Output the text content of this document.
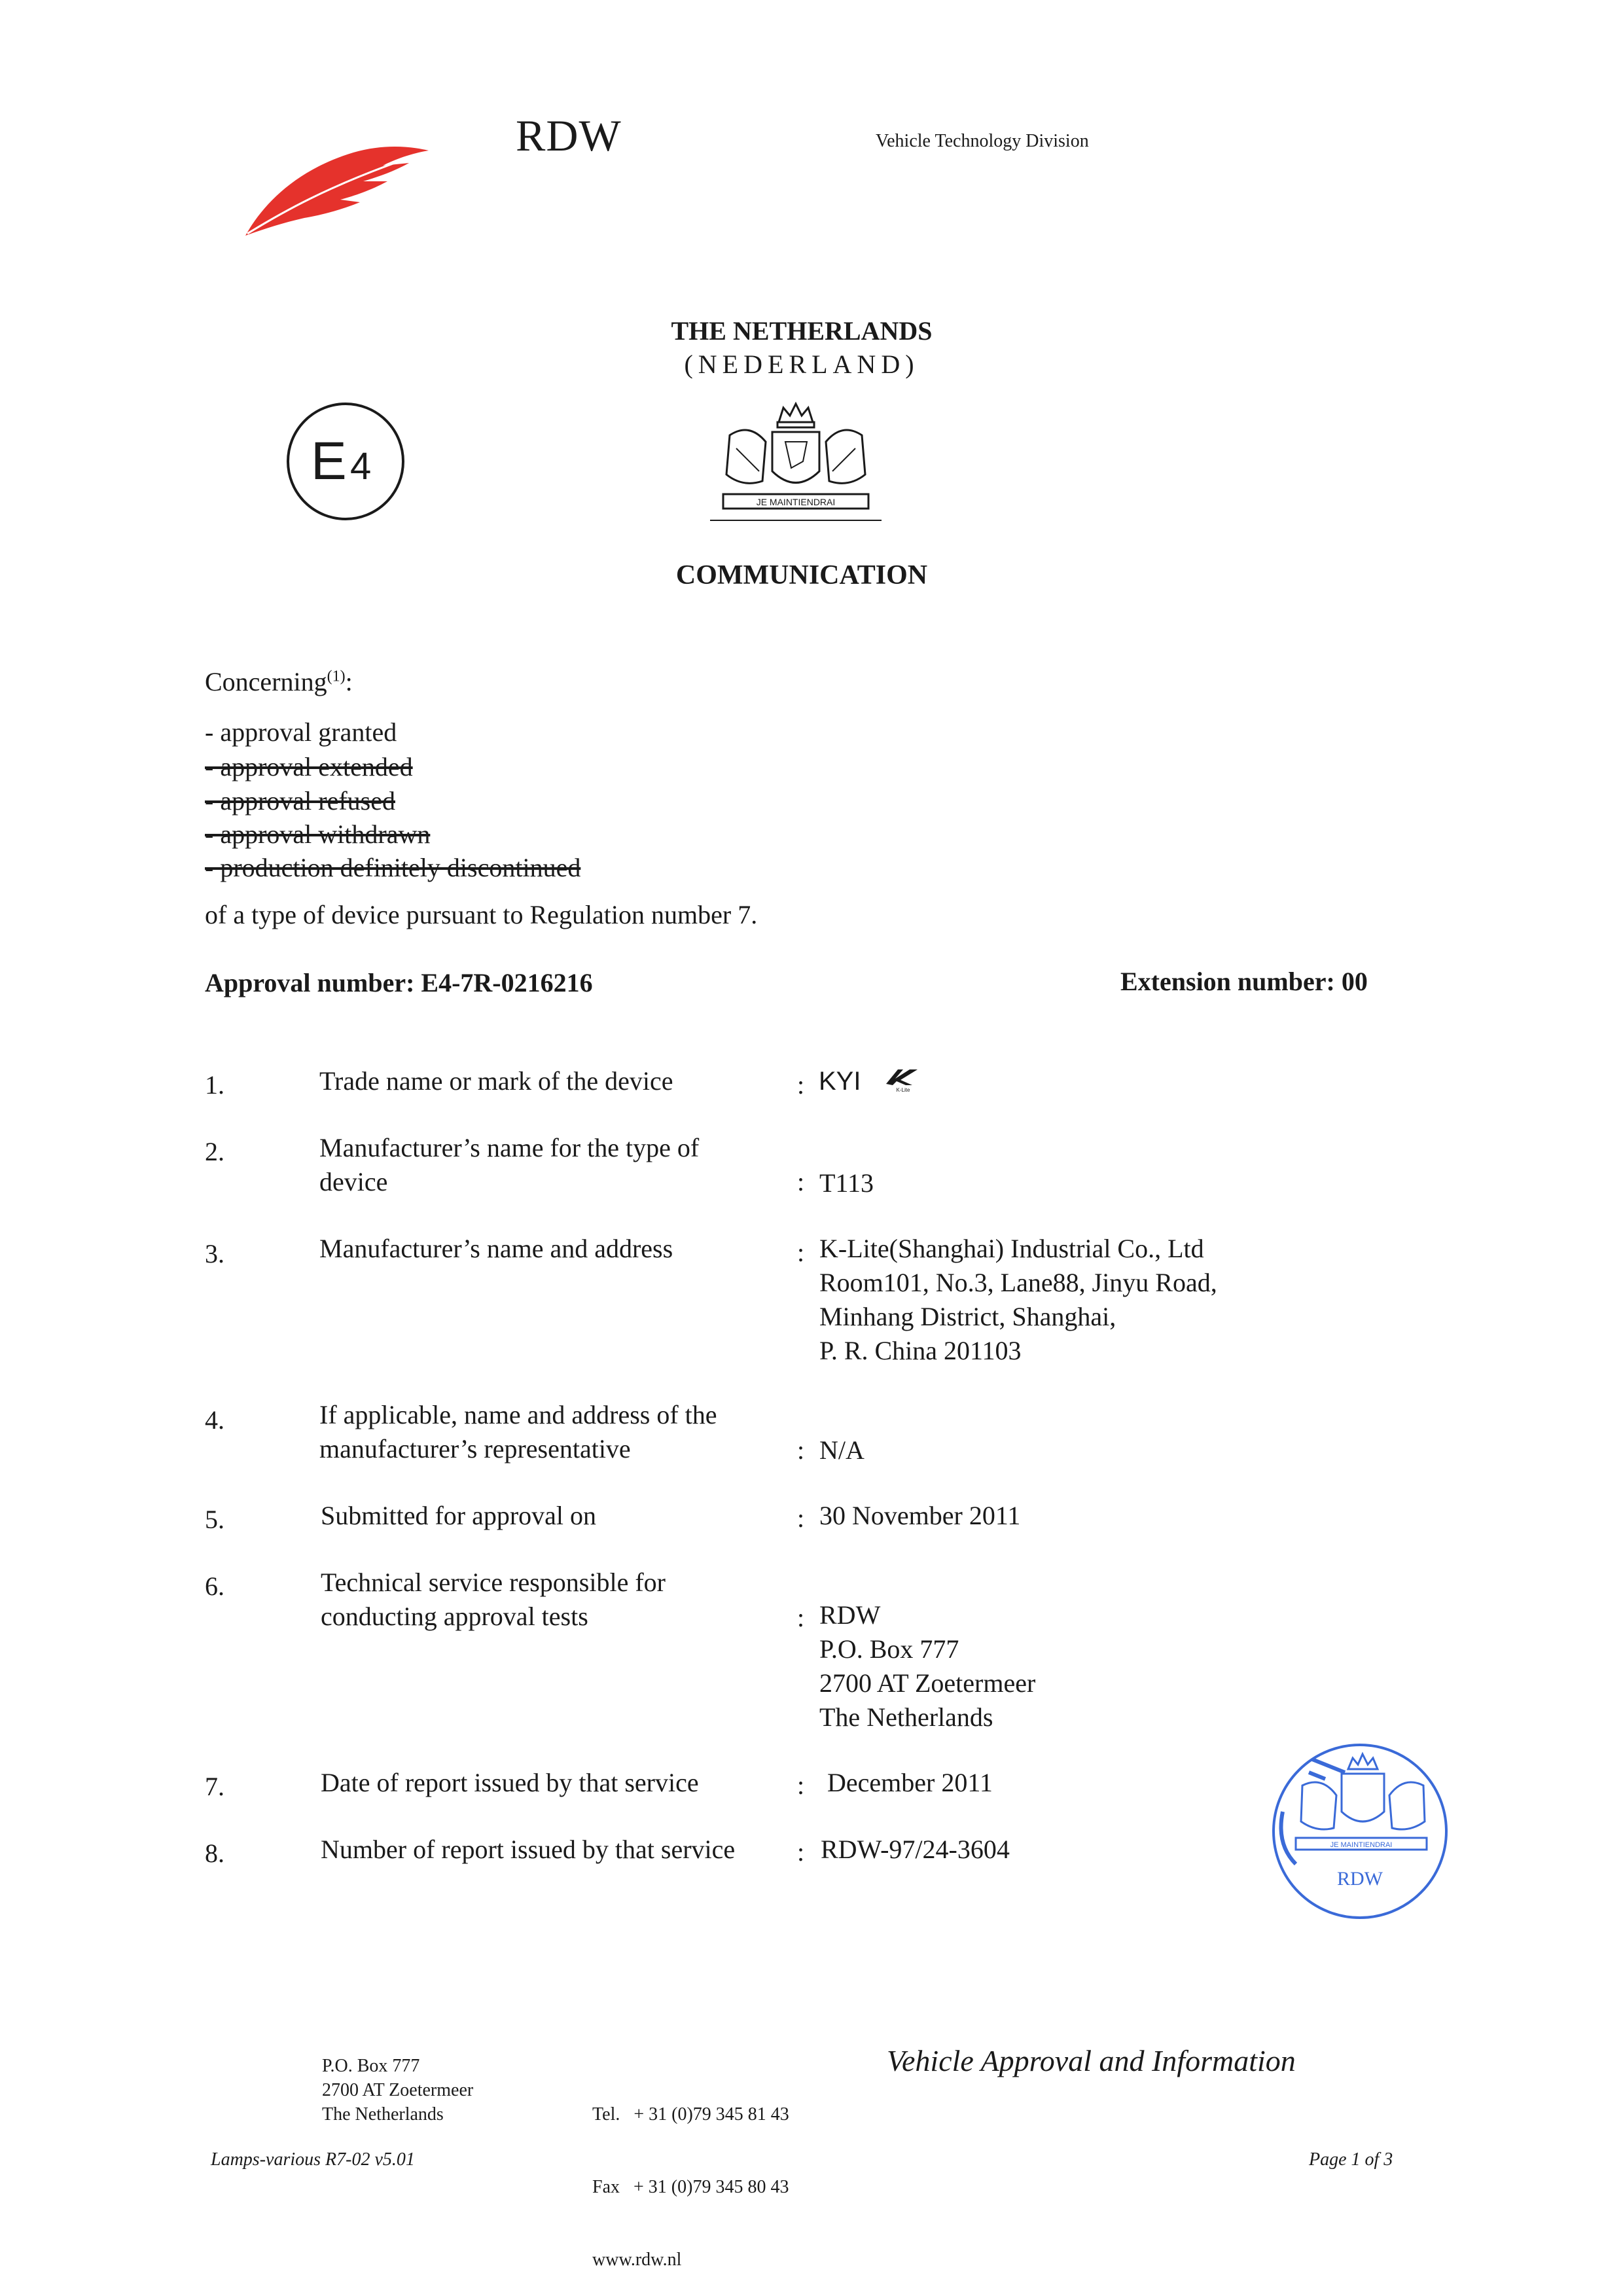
RDW	Vehicle Technology Division
THE NETHERLANDS
(NEDERLAND)
E 4
JE MAINTIENDRAI
COMMUNICATION
Concerning$^{(1)}$:
- approval granted
- approval extended
- approval refused
- approval withdrawn
- production definitely discontinued
of a type of device pursuant to Regulation number 7.
Approval number: E4-7R-0216216	Extension number: 00
1.	Trade name or mark of the device	: KYI	K-Lite
2.	Manufacturer’s name for the type of device	: T113
3.	Manufacturer’s name and address	: K-Lite(Shanghai) Industrial Co., Ltd
Room101, No.3, Lane88, Jinyu Road,
Minhang District, Shanghai,
P. R. China 201103
4.	If applicable, name and address of the manufacturer’s representative	: N/A
5.	Submitted for approval on	: 30 November 2011
6.	Technical service responsible for conducting approval tests	: RDW
P.O. Box 777
2700 AT Zoetermeer
The Netherlands
7.	Date of report issued by that service	: December 2011
8.	Number of report issued by that service : RDW-97/24-3604	JE MAINTIENDRAI
RDW
P.O. Box 777
2700 AT Zoetermeer
The Netherlands

	Tel.   + 31 (0)79 345 81 43

Fax   + 31 (0)79 345 80 43

www.rdw.nl

Vehicle Approval and Information
Lamps-various R7-02 v5.01	Page 1 of 3
